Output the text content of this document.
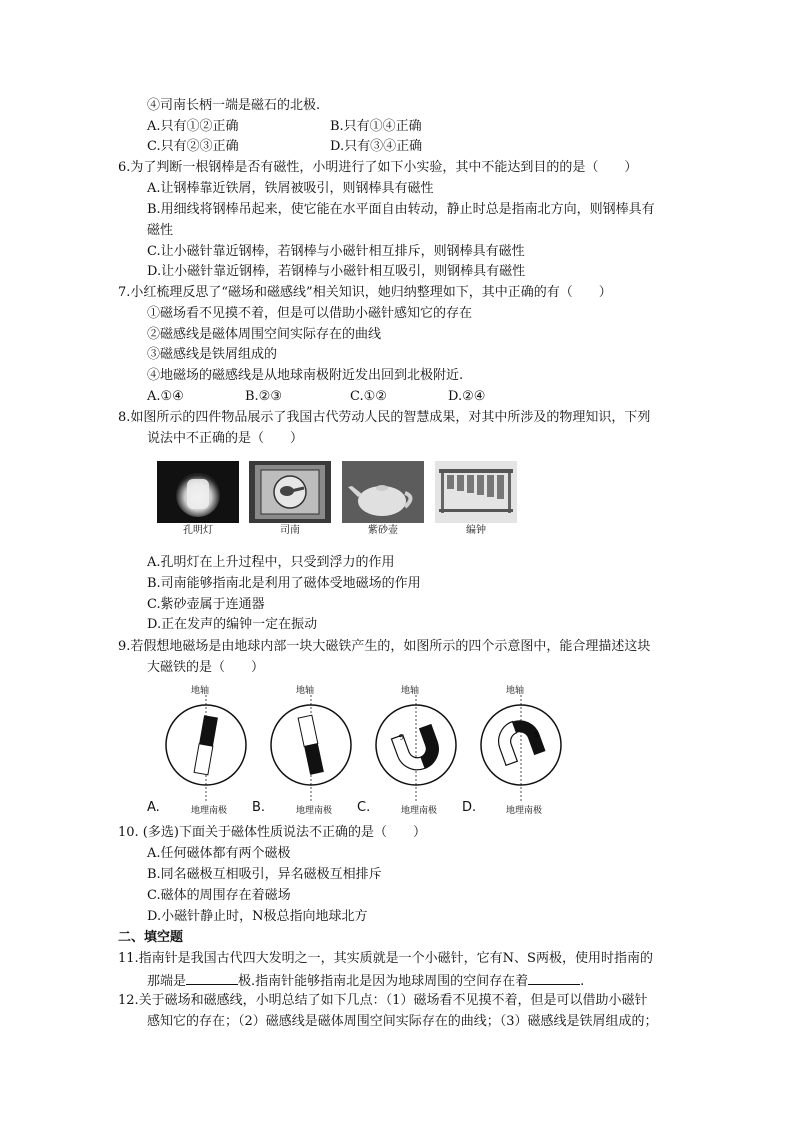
④司南长柄一端是磁石的北极.
A.只有①②正确	B.只有①④正确
C.只有②③正确	D.只有③④正确
6.为了判断一根钢棒是否有磁性，小明进行了如下小实验，其中不能达到目的的是（　　）
A.让钢棒靠近铁屑，铁屑被吸引，则钢棒具有磁性
B.用细线将钢棒吊起来，使它能在水平面自由转动，静止时总是指南北方向，则钢棒具有
磁性
C.让小磁针靠近钢棒，若钢棒与小磁针相互排斥，则钢棒具有磁性
D.让小磁针靠近钢棒，若钢棒与小磁针相互吸引，则钢棒具有磁性
7.小红梳理反思了“磁场和磁感线”相关知识，她归纳整理如下，其中正确的有（　　）
①磁场看不见摸不着，但是可以借助小磁针感知它的存在
②磁感线是磁体周围空间实际存在的曲线
③磁感线是铁屑组成的
④地磁场的磁感线是从地球南极附近发出回到北极附近.
A.①④	B.②③	C.①②	D.②④
8.如图所示的四件物品展示了我国古代劳动人民的智慧成果，对其中所涉及的物理知识，下列
说法中不正确的是（　　）
孔明灯	司南	紫砂壶	编钟
A.孔明灯在上升过程中，只受到浮力的作用
B.司南能够指南北是利用了磁体受地磁场的作用
C.紫砂壶属于连通器
D.正在发声的编钟一定在振动
9.若假想地磁场是由地球内部一块大磁铁产生的，如图所示的四个示意图中，能合理描述这块
大磁铁的是（　　）
地轴
地理南极
A.
地轴
地理南极
B.
地轴
S
地理南极
C.
地轴
S
地理南极
D.
10. (多选)下面关于磁体性质说法不正确的是（　　）
A.任何磁体都有两个磁极
B.同名磁极互相吸引，异名磁极互相排斥
C.磁体的周围存在着磁场
D.小磁针静止时，N极总指向地球北方
二、填空题
11.指南针是我国古代四大发明之一，其实质就是一个小磁针，它有N、S两极，使用时指南的
那端是	极.指南针能够指南北是因为地球周围的空间存在着	.
12.关于磁场和磁感线，小明总结了如下几点：（1）磁场看不见摸不着，但是可以借助小磁针
感知它的存在；（2）磁感线是磁体周围空间实际存在的曲线；（3）磁感线是铁屑组成的；
